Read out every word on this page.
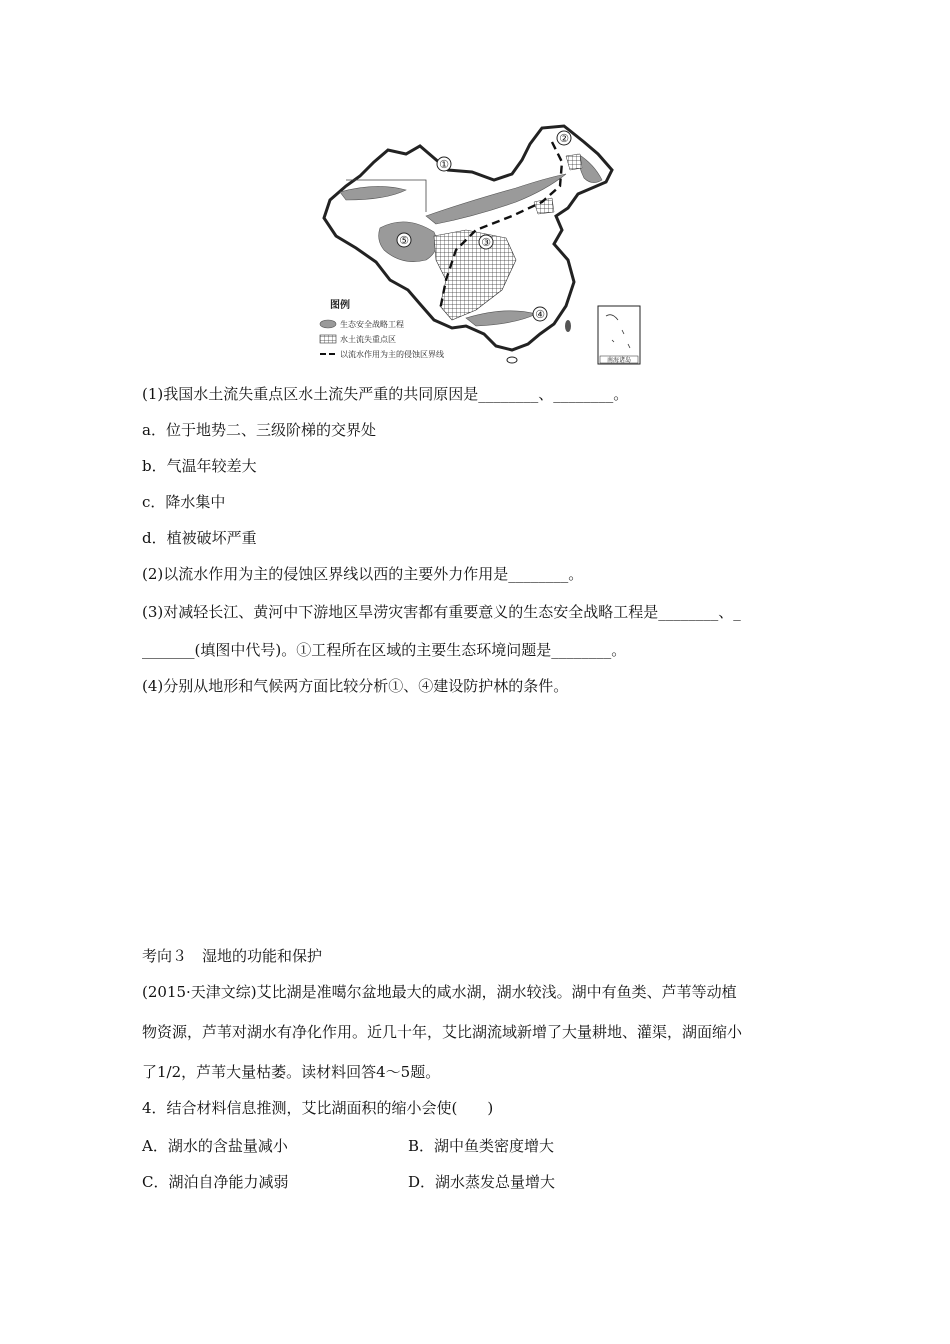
①
②
③
④
⑤
图例
生态安全战略工程
水土流失重点区
以流水作用为主的侵蚀区界线
南海诸岛
(1)我国水土流失重点区水土流失严重的共同原因是________、________。
a．位于地势二、三级阶梯的交界处
b．气温年较差大
c．降水集中
d．植被破坏严重
(2)以流水作用为主的侵蚀区界线以西的主要外力作用是________。
(3)对减轻长江、黄河中下游地区旱涝灾害都有重要意义的生态安全战略工程是________、_
_______(填图中代号)。①工程所在区域的主要生态环境问题是________。
(4)分别从地形和气候两方面比较分析①、④建设防护林的条件。
考向３　湿地的功能和保护
(2015·天津文综)艾比湖是准噶尔盆地最大的咸水湖，湖水较浅。湖中有鱼类、芦苇等动植
物资源，芦苇对湖水有净化作用。近几十年，艾比湖流域新增了大量耕地、灌渠，湖面缩小
了1/2，芦苇大量枯萎。读材料回答4～5题。
4．结合材料信息推测，艾比湖面积的缩小会使(　　)
A．湖水的含盐量减小	B．湖中鱼类密度增大
C．湖泊自净能力减弱	D．湖水蒸发总量增大
